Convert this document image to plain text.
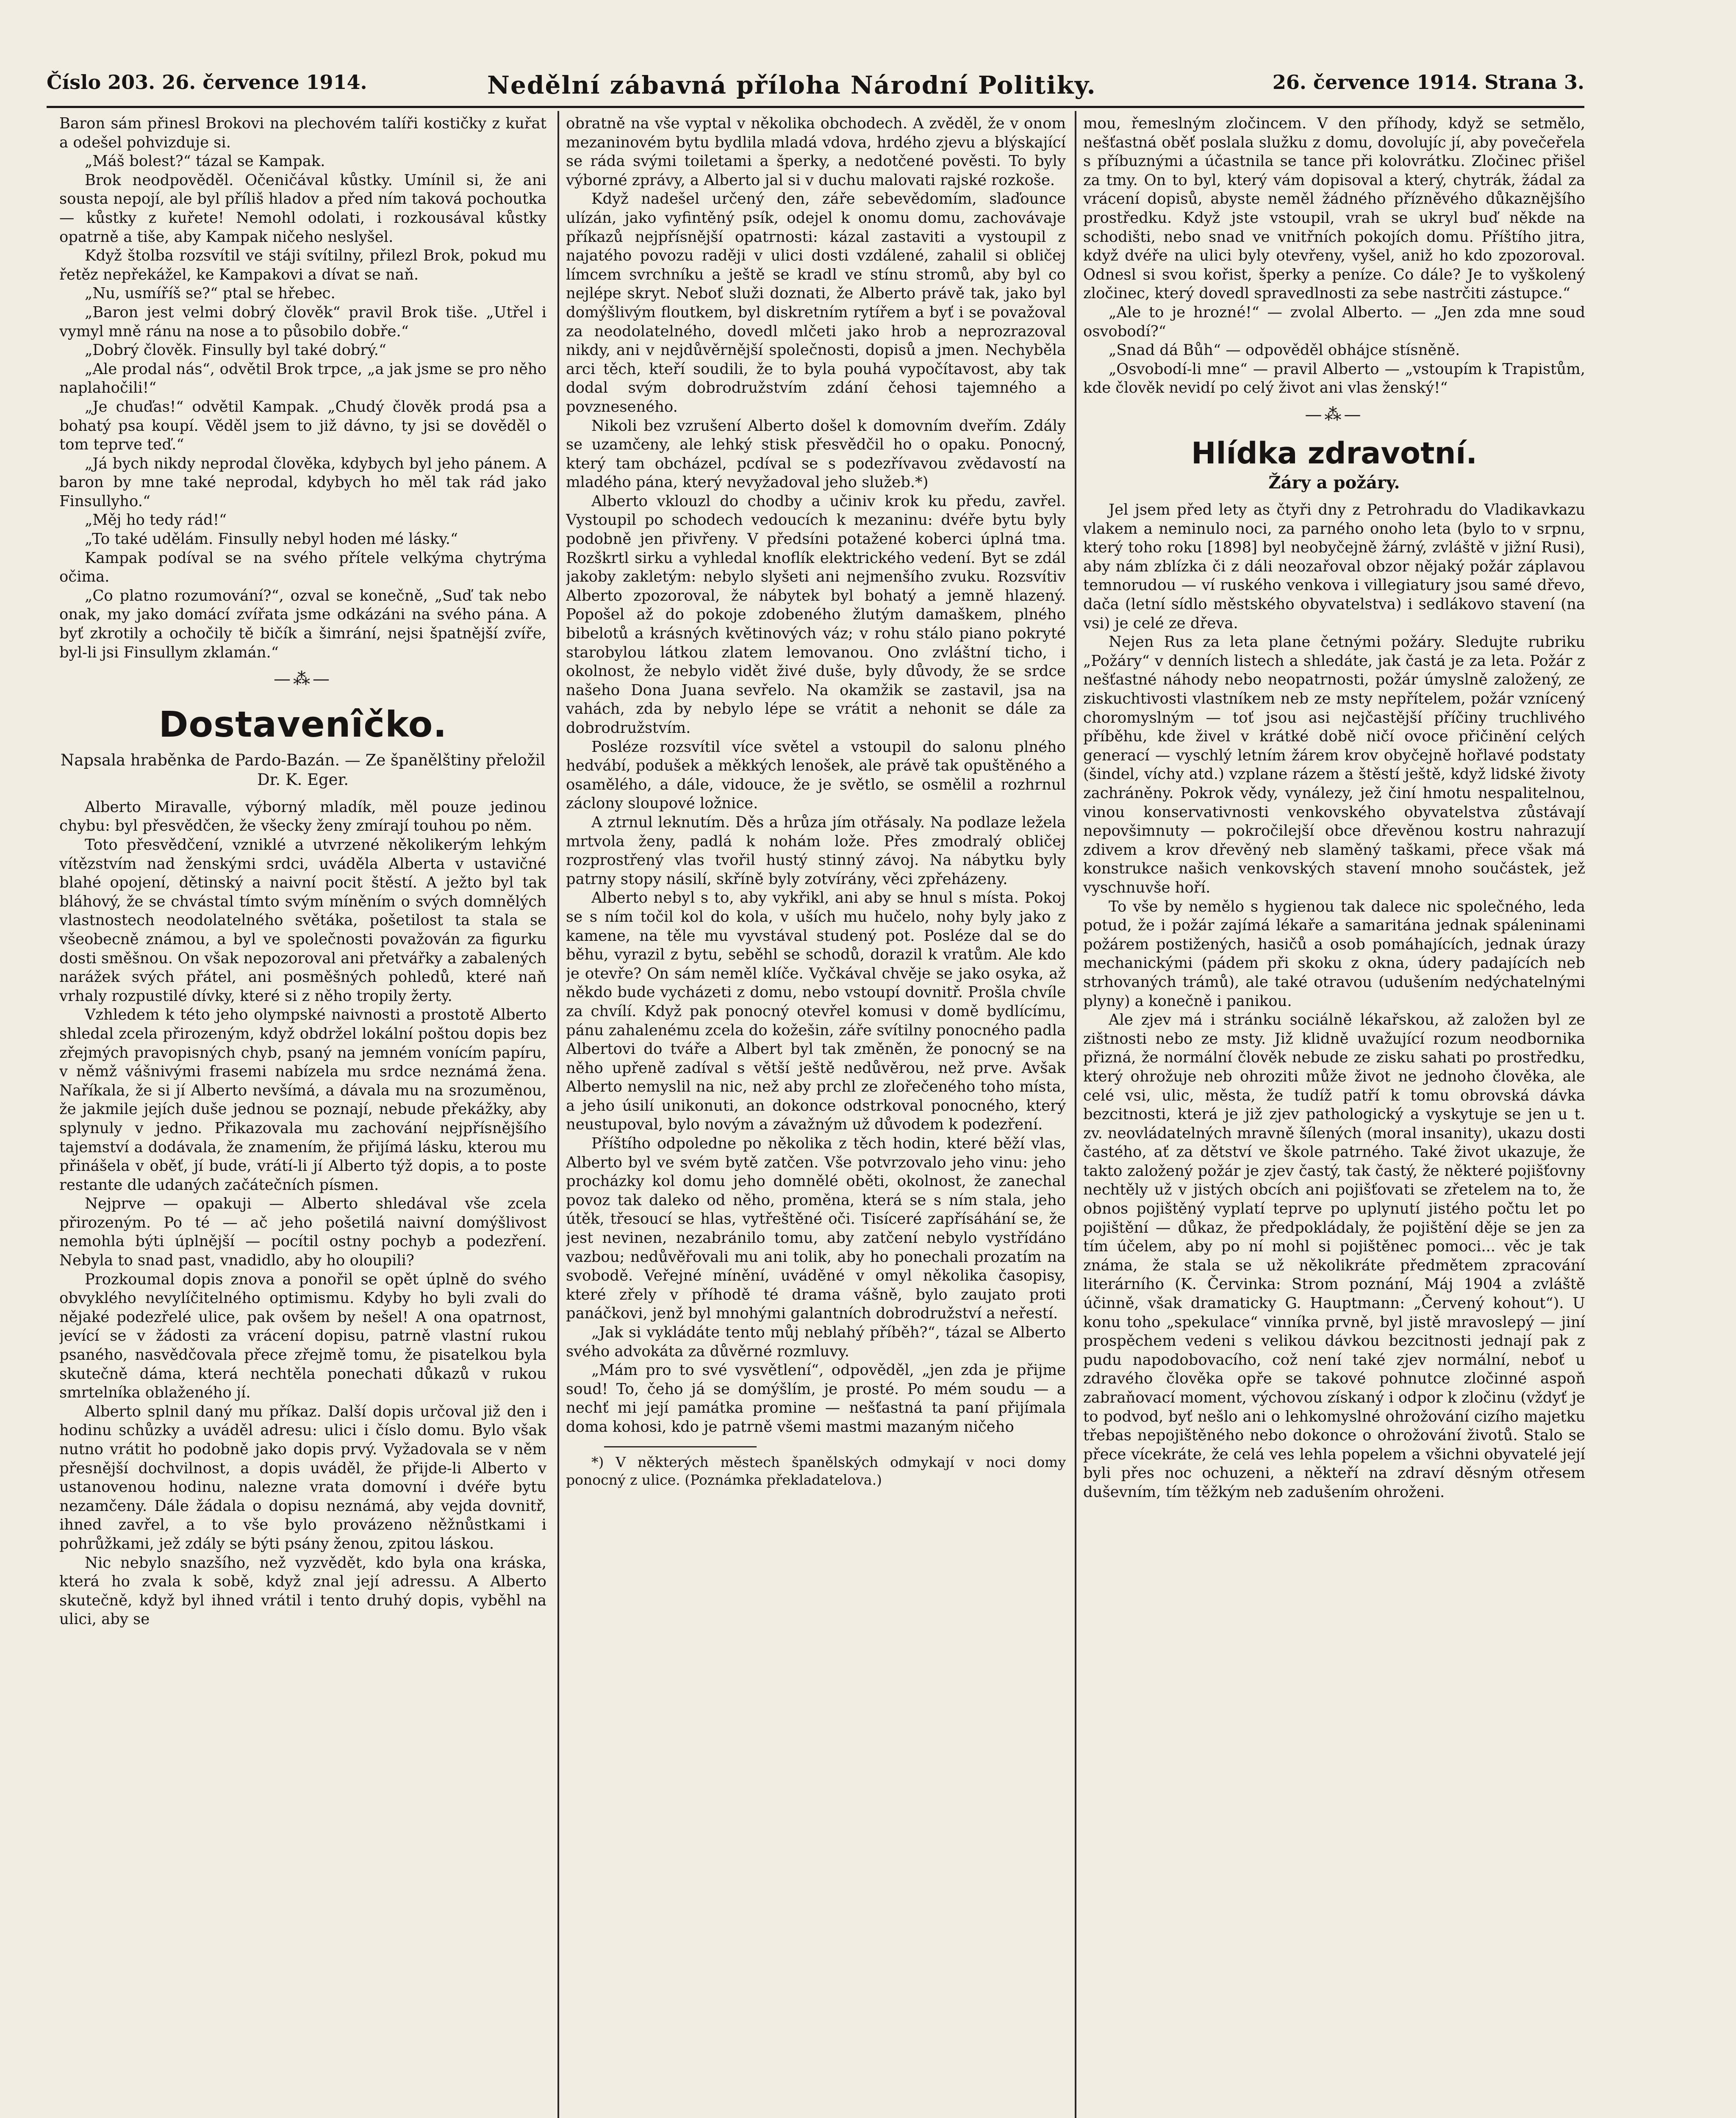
Číslo 203. 26. července 1914.	Nedělní zábavná příloha Národní Politiky.	26. července 1914. Strana 3.

Baron sám přinesl Brokovi na plechovém talíři kostičky z kuřat a odešel pohvizduje si.

„Máš bolest?“ tázal se Kampak.

Brok neodpověděl. Očeničával kůstky. Umínil si, že ani sousta nepojí, ale byl příliš hladov a před ním taková pochoutka — kůstky z kuřete! Nemohl odolati, i rozkousával kůstky opatrně a tiše, aby Kampak ničeho neslyšel.

Když štolba rozsvítil ve stáji svítilny, přilezl Brok, pokud mu řetěz nepřekážel, ke Kampakovi a dívat se naň.

„Nu, usmíříš se?“ ptal se hřebec.

„Baron jest velmi dobrý člověk“ pravil Brok tiše. „Utřel i vymyl mně ránu na nose a to působilo dobře.“

„Dobrý člověk. Finsully byl také dobrý.“

„Ale prodal nás“, odvětil Brok trpce, „a jak jsme se pro něho naplahočili!“

„Je chuďas!“ odvětil Kampak. „Chudý člověk prodá psa a bohatý psa koupí. Věděl jsem to již dávno, ty jsi se dověděl o tom teprve teď.“

„Já bych nikdy neprodal člověka, kdybych byl jeho pánem. A baron by mne také neprodal, kdybych ho měl tak rád jako Finsullyho.“

„Měj ho tedy rád!“

„To také udělám. Finsully nebyl hoden mé lásky.“

Kampak podíval se na svého přítele velkýma chytrýma očima.

„Co platno rozumování?“, ozval se konečně, „Suď tak nebo onak, my jako domácí zvířata jsme odkázáni na svého pána. A byť zkrotily a ochočily tě bičík a šimrání, nejsi špatnější zvíře, byl-li jsi Finsullym zklamán.“

—⁂—
Dostavenîčko.
Napsala hraběnka de Pardo-Bazán. — Ze španělštiny přeložil Dr. K. Eger.

Alberto Miravalle, výborný mladík, měl pouze jedinou chybu: byl přesvědčen, že všecky ženy zmírají touhou po něm.

Toto přesvědčení, vzniklé a utvrzené několikerým lehkým vítězstvím nad ženskými srdci, uváděla Alberta v ustavičné blahé opojení, dětinský a naivní pocit štěstí. A ježto byl tak bláhový, že se chvástal tímto svým míněním o svých domnělých vlastnostech neodolatelného světáka, pošetilost ta stala se všeobecně známou, a byl ve společnosti považován za figurku dosti směšnou. On však nepozoroval ani přetvářky a zabalených narážek svých přátel, ani posměšných pohledů, které naň vrhaly rozpustilé dívky, které si z něho tropily žerty.

Vzhledem k této jeho olympské naivnosti a prostotě Alberto shledal zcela přirozeným, když obdržel lokální poštou dopis bez zřejmých pravopisných chyb, psaný na jemném vonícím papíru, v němž vášnivými frasemi nabízela mu srdce neznámá žena. Naříkala, že si jí Alberto nevšímá, a dávala mu na srozuměnou, že jakmile jejích duše jednou se poznají, nebude překážky, aby splynuly v jedno. Přikazovala mu zachování nejpřísnějšího tajemství a dodávala, že znamením, že přijímá lásku, kterou mu přinášela v oběť, jí bude, vrátí-li jí Alberto týž dopis, a to poste restante dle udaných začátečních písmen.

Nejprve — opakuji — Alberto shledával vše zcela přirozeným. Po té — ač jeho pošetilá naivní domýšlivost nemohla býti úplnější — pocítil ostny pochyb a podezření. Nebyla to snad past, vnadidlo, aby ho oloupili?

Prozkoumal dopis znova a ponořil se opět úplně do svého obvyklého nevylíčitelného optimismu. Kdyby ho byli zvali do nějaké podezřelé ulice, pak ovšem by nešel! A ona opatrnost, jevící se v žádosti za vrácení dopisu, patrně vlastní rukou psaného, nasvědčovala přece zřejmě tomu, že pisatelkou byla skutečně dáma, která nechtěla ponechati důkazů v rukou smrtelníka oblaženého jí.

Alberto splnil daný mu příkaz. Další dopis určoval již den i hodinu schůzky a uváděl adresu: ulici i číslo domu. Bylo však nutno vrátit ho podobně jako dopis prvý. Vyžadovala se v něm přesnější dochvilnost, a dopis uváděl, že přijde-li Alberto v ustanovenou hodinu, nalezne vrata domovní i dvéře bytu nezamčeny. Dále žádala o dopisu neznámá, aby vejda dovnitř, ihned zavřel, a to vše bylo provázeno něžnůstkami i pohrůžkami, jež zdály se býti psány ženou, zpitou láskou.

Nic nebylo snazšího, než vyzvědět, kdo byla ona kráska, která ho zvala k sobě, když znal její adressu. A Alberto skutečně, když byl ihned vrátil i tento druhý dopis, vyběhl na ulici, aby se

obratně na vše vyptal v několika obchodech. A zvěděl, že v onom mezaninovém bytu bydlila mladá vdova, hrdého zjevu a blýskající se ráda svými toiletami a šperky, a nedotčené pověsti. To byly výborné zprávy, a Alberto jal si v duchu malovati rajské rozkoše.

Když nadešel určený den, záře sebevědomím, slaďounce ulízán, jako vyfintěný psík, odejel k onomu domu, zachovávaje příkazů nejpřísnější opatrnosti: kázal zastaviti a vystoupil z najatého povozu raději v ulici dosti vzdálené, zahalil si obličej límcem svrchníku a ještě se kradl ve stínu stromů, aby byl co nejlépe skryt. Neboť služi doznati, že Alberto právě tak, jako byl domýšlivým floutkem, byl diskretním rytířem a byť i se považoval za neodolatelného, dovedl mlčeti jako hrob a neprozrazoval nikdy, ani v nejdůvěrnější společnosti, dopisů a jmen. Nechyběla arci těch, kteří soudili, že to byla pouhá vypočítavost, aby tak dodal svým dobrodružstvím zdání čehosi tajemného a povzneseného.

Nikoli bez vzrušení Alberto došel k domovním dveřím. Zdály se uzamčeny, ale lehký stisk přesvědčil ho o opaku. Ponocný, který tam obcházel, pcdíval se s podezřívavou zvědavostí na mladého pána, který nevyžadoval jeho služeb.*)

Alberto vklouzl do chodby a učiniv krok ku předu, zavřel. Vystoupil po schodech vedoucích k mezaninu: dvéře bytu byly podobně jen přivřeny. V předsíni potažené koberci úplná tma. Rozškrtl sirku a vyhledal knoflík elektrického vedení. Byt se zdál jakoby zakletým: nebylo slyšeti ani nejmenšího zvuku. Rozsvítiv Alberto zpozoroval, že nábytek byl bohatý a jemně hlazený. Popošel až do pokoje zdobeného žlutým damaškem, plného bibelotů a krásných květinových váz; v rohu stálo piano pokryté starobylou látkou zlatem lemovanou. Ono zvláštní ticho, i okolnost, že nebylo vidět živé duše, byly důvody, že se srdce našeho Dona Juana sevřelo. Na okamžik se zastavil, jsa na vahách, zda by nebylo lépe se vrátit a nehonit se dále za dobrodružstvím.

Posléze rozsvítil více světel a vstoupil do salonu plného hedvábí, podušek a měkkých lenošek, ale právě tak opuštěného a osamělého, a dále, vidouce, že je světlo, se osmělil a rozhrnul záclony sloupové ložnice.

A ztrnul leknutím. Děs a hrůza jím otřásaly. Na podlaze ležela mrtvola ženy, padlá k nohám lože. Přes zmodralý obličej rozprostřený vlas tvořil hustý stinný závoj. Na nábytku byly patrny stopy násilí, skříně byly zotvírány, věci zpřeházeny.

Alberto nebyl s to, aby vykřikl, ani aby se hnul s místa. Pokoj se s ním točil kol do kola, v uších mu hučelo, nohy byly jako z kamene, na těle mu vyvstával studený pot. Posléze dal se do běhu, vyrazil z bytu, seběhl se schodů, dorazil k vratům. Ale kdo je otevře? On sám neměl klíče. Vyčkával chvěje se jako osyka, až někdo bude vycházeti z domu, nebo vstoupí dovnitř. Prošla chvíle za chvílí. Když pak ponocný otevřel komusi v domě bydlícímu, pánu zahalenému zcela do kožešin, záře svítilny ponocného padla Albertovi do tváře a Albert byl tak změněn, že ponocný se na něho upřeně zadíval s větší ještě nedůvěrou, než prve. Avšak Alberto nemyslil na nic, než aby prchl ze zlořečeného toho místa, a jeho úsilí unikonuti, an dokonce odstrkoval ponocného, který neustupoval, bylo novým a závažným už důvodem k podezření.

Příštího odpoledne po několika z těch hodin, které běží vlas, Alberto byl ve svém bytě zatčen. Vše potvrzovalo jeho vinu: jeho procházky kol domu jeho domnělé oběti, okolnost, že zanechal povoz tak daleko od něho, proměna, která se s ním stala, jeho útěk, třesoucí se hlas, vytřeštěné oči. Tisíceré zapřísáhání se, že jest nevinen, nezabránilo tomu, aby zatčení nebylo vystřídáno vazbou; nedůvěřovali mu ani tolik, aby ho ponechali prozatím na svobodě. Veřejné mínění, uváděné v omyl několika časopisy, které zřely v příhodě té drama vášně, bylo zaujato proti panáčkovi, jenž byl mnohými galantních dobrodružství a neřestí.

„Jak si vykládáte tento můj neblahý příběh?“, tázal se Alberto svého advokáta za důvěrné rozmluvy.

„Mám pro to své vysvětlení“, odpověděl, „jen zda je přijme soud! To, čeho já se domýšlím, je prosté. Po mém soudu — a nechť mi její památka promine — nešťastná ta paní přijímala doma kohosi, kdo je patrně všemi mastmi mazaným ničeho

*) V některých městech španělských odmykají v noci domy ponocný z ulice. (Poznámka překladatelova.)

mou, řemeslným zločincem. V den příhody, když se setmělo, nešťastná oběť poslala služku z domu, dovolujíc jí, aby povečeřela s příbuznými a účastnila se tance při kolovrátku. Zločinec přišel za tmy. On to byl, který vám dopisoval a který, chytrák, žádal za vrácení dopisů, abyste neměl žádného přízněvého důkaznějšího prostředku. Když jste vstoupil, vrah se ukryl buď někde na schodišti, nebo snad ve vnitřních pokojích domu. Příštího jitra, když dvéře na ulici byly otevřeny, vyšel, aniž ho kdo zpozoroval. Odnesl si svou kořist, šperky a peníze. Co dále? Je to vyškolený zločinec, který dovedl spravedlnosti za sebe nastrčiti zástupce.“

„Ale to je hrozné!“ — zvolal Alberto. — „Jen zda mne soud osvobodí?“

„Snad dá Bůh“ — odpověděl obhájce stísněně.

„Osvobodí-li mne“ — pravil Alberto — „vstoupím k Trapistům, kde člověk nevidí po celý život ani vlas ženský!“

—⁂—
Hlídka zdravotní.
Žáry a požáry.

Jel jsem před lety as čtyři dny z Petrohradu do Vladikavkazu vlakem a neminulo noci, za parného onoho leta (bylo to v srpnu, který toho roku [1898] byl neobyčejně žárný, zvláště v jižní Rusi), aby nám zblízka či z dáli neozařoval obzor nějaký požár záplavou temnorudou — ví ruského venkova i villegiatury jsou samé dřevo, dača (letní sídlo městského obyvatelstva) i sedlákovo stavení (na vsi) je celé ze dřeva.

Nejen Rus za leta plane četnými požáry. Sledujte rubriku „Požáry“ v denních listech a shledáte, jak častá je za leta. Požár z nešťastné náhody nebo neopatrnosti, požár úmyslně založený, ze ziskuchtivosti vlastníkem neb ze msty nepřítelem, požár vznícený choromyslným — toť jsou asi nejčastější příčiny truchlivého příběhu, kde živel v krátké době ničí ovoce přičinění celých generací — vyschlý letním žárem krov obyčejně hořlavé podstaty (šindel, víchy atd.) vzplane rázem a štěstí ještě, když lidské životy zachráněny. Pokrok vědy, vynálezy, jež činí hmotu nespalitelnou, vinou konservativnosti venkovského obyvatelstva zůstávají nepovšimnuty — pokročilejší obce dřevěnou kostru nahrazují zdivem a krov dřevěný neb slaměný taškami, přece však má konstrukce našich venkovských stavení mnoho součástek, jež vyschnuvše hoří.

To vše by nemělo s hygienou tak dalece nic společného, leda potud, že i požár zajímá lékaře a samaritána jednak spáleninami požárem postižených, hasičů a osob pomáhajících, jednak úrazy mechanickými (pádem při skoku z okna, údery padajících neb strhovaných trámů), ale také otravou (udušením nedýchatelnými plyny) a konečně i panikou.

Ale zjev má i stránku sociálně lékařskou, až založen byl ze zištnosti nebo ze msty. Již klidně uvažující rozum neodbornika přizná, že normální člověk nebude ze zisku sahati po prostředku, který ohrožuje neb ohroziti může život ne jednoho člověka, ale celé vsi, ulic, města, že tudíž patří k tomu obrovská dávka bezcitnosti, která je již zjev pathologický a vyskytuje se jen u t. zv. neovládatelných mravně šílených (moral insanity), ukazu dosti častého, ať za dětství ve škole patrného. Také život ukazuje, že takto založený požár je zjev častý, tak častý, že některé pojišťovny nechtěly už v jistých obcích ani pojišťovati se zřetelem na to, že obnos pojištěný vyplatí teprve po uplynutí jistého počtu let po pojištění — důkaz, že předpokládaly, že pojištění děje se jen za tím účelem, aby po ní mohl si pojištěnec pomoci... věc je tak známa, že stala se už několikráte předmětem zpracování literárního (K. Červinka: Strom poznání, Máj 1904 a zvláště účinně, však dramaticky G. Hauptmann: „Červený kohout“). U konu toho „spekulace“ vinníka prvně, byl jistě mravoslepý — jiní prospěchem vedeni s velikou dávkou bezcitnosti jednají pak z pudu napodobovacího, což není také zjev normální, neboť u zdravého člověka opře se takové pohnutce zločinné aspoň zabraňovací moment, výchovou získaný i odpor k zločinu (vždyť je to podvod, byť nešlo ani o lehkomyslné ohrožování cizího majetku třebas nepojištěného nebo dokonce o ohrožování životů. Stalo se přece vícekráte, že celá ves lehla popelem a všichni obyvatelé její byli přes noc ochuzeni, a někteří na zdraví děsným otřesem duševním, tím těžkým neb zadušením ohroženi.
